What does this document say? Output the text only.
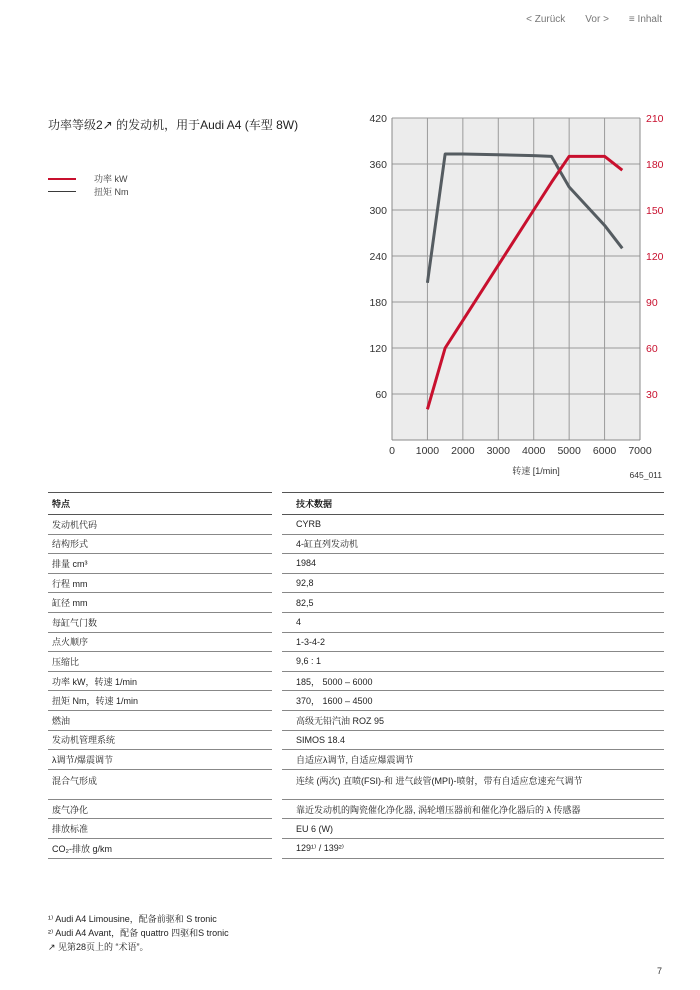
< Zurück Vor > ≡ Inhalt
功率等级2↗ 的发动机，用于Audi A4 (车型 8W)
功率 kW
扭矩 Nm
0 1000 2000 3000 4000 5000 6000 7000
60
120
180
240
300
360
420
30
60
90
120
150
180
210
转速 [1/min]	645_011
特点		技术数据
发动机代码		CYRB
结构形式		4-缸直列发动机
排量 cm³		1984
行程 mm		92,8
缸径 mm		82,5
每缸气门数		4
点火顺序		1-3-4-2
压缩比		9,6 : 1
功率 kW，转速 1/min		185， 5000 – 6000
扭矩 Nm，转速 1/min		370， 1600 – 4500
燃油		高级无铅汽油 ROZ 95
发动机管理系统		SIMOS 18.4
λ调节/爆震调节		自适应λ调节, 自适应爆震调节
混合气形成		连续 (两次) 直喷(FSI)-和 进气歧管(MPI)-喷射，带有自适应怠速充气调节
废气净化		靠近发动机的陶瓷催化净化器, 涡轮增压器前和催化净化器后的 λ 传感器
排放标准		EU 6 (W)
CO₂-排放 g/km		129¹⁾ / 139²⁾
¹⁾ Audi A4 Limousine，配备前驱和 S tronic
²⁾ Audi A4 Avant，配备 quattro 四驱和S tronic
↗ 见第28页上的 “术语”。
7
